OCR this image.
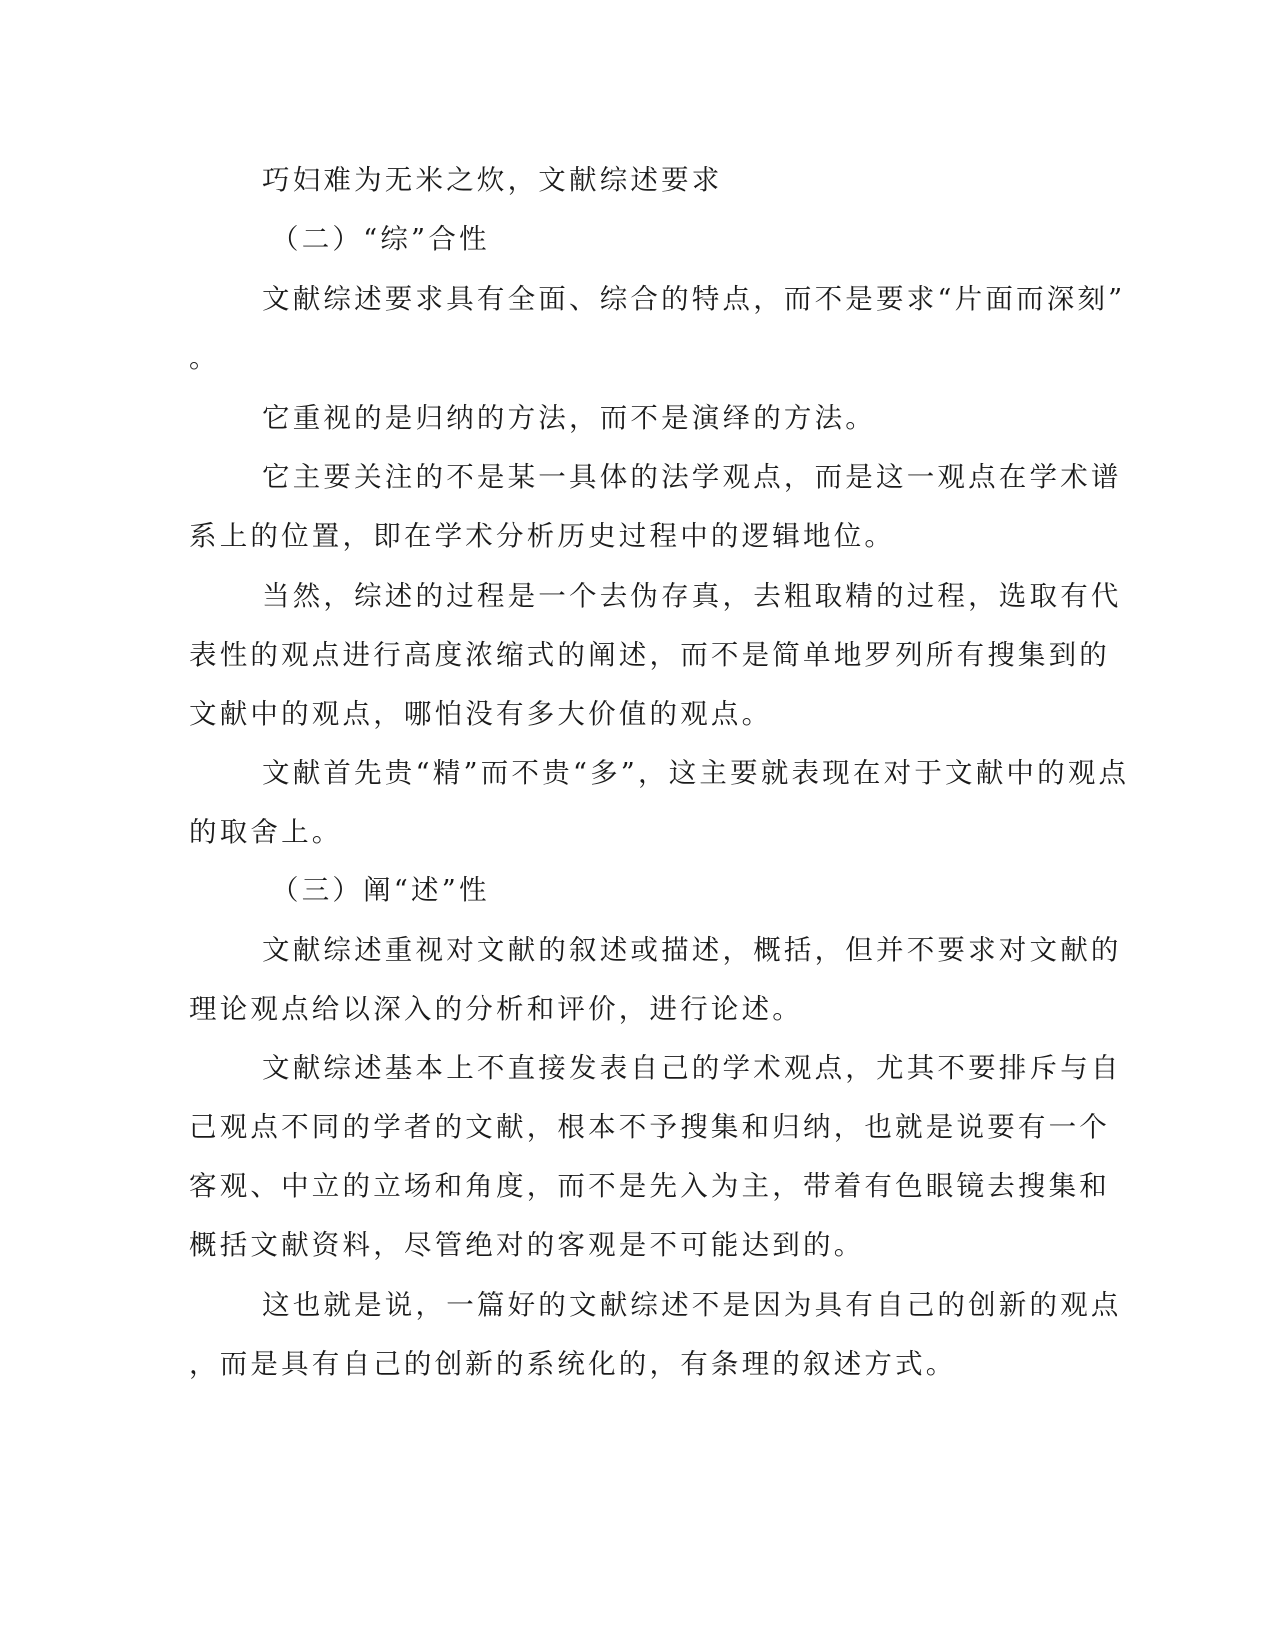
巧妇难为无米之炊，文献综述要求
（二）“综”合性
文献综述要求具有全面、综合的特点，而不是要求“片面而深刻”
。
它重视的是归纳的方法，而不是演绎的方法。
它主要关注的不是某一具体的法学观点，而是这一观点在学术谱
系上的位置，即在学术分析历史过程中的逻辑地位。
当然，综述的过程是一个去伪存真，去粗取精的过程，选取有代
表性的观点进行高度浓缩式的阐述，而不是简单地罗列所有搜集到的
文献中的观点，哪怕没有多大价值的观点。
文献首先贵“精”而不贵“多”，这主要就表现在对于文献中的观点
的取舍上。
（三）阐“述”性
文献综述重视对文献的叙述或描述，概括，但并不要求对文献的
理论观点给以深入的分析和评价，进行论述。
文献综述基本上不直接发表自己的学术观点，尤其不要排斥与自
己观点不同的学者的文献，根本不予搜集和归纳，也就是说要有一个
客观、中立的立场和角度，而不是先入为主，带着有色眼镜去搜集和
概括文献资料，尽管绝对的客观是不可能达到的。
这也就是说，一篇好的文献综述不是因为具有自己的创新的观点
，而是具有自己的创新的系统化的，有条理的叙述方式。
